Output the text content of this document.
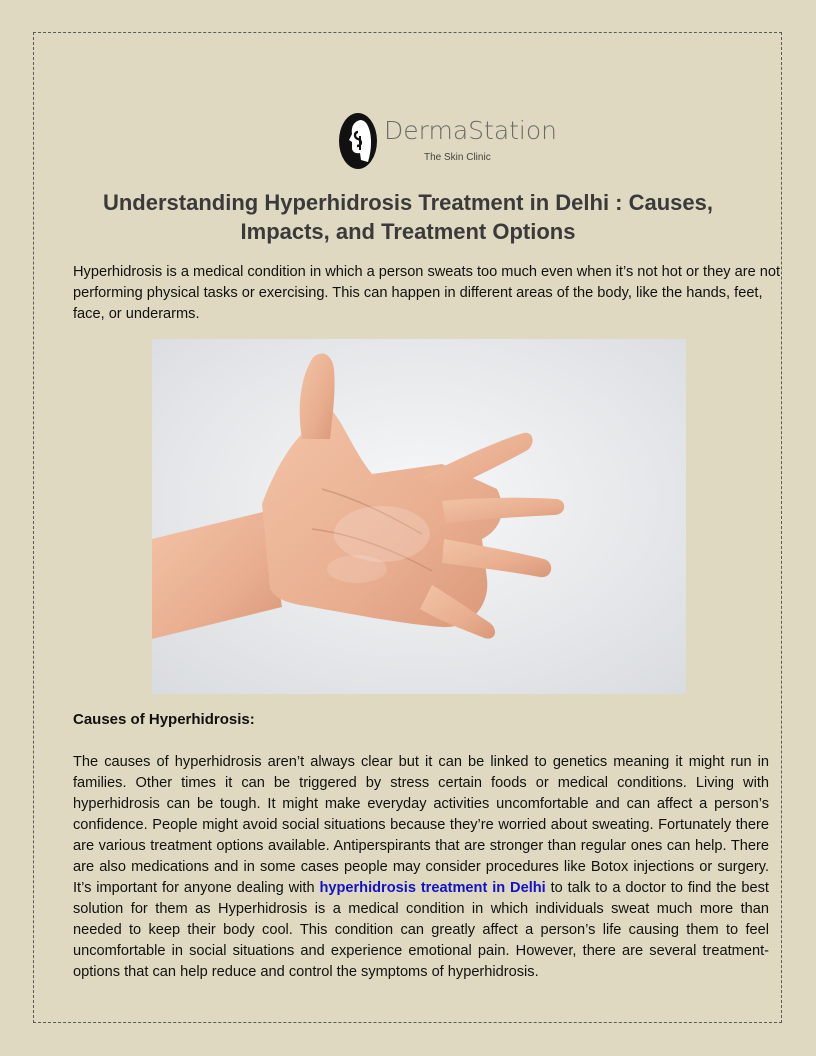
DermaStation
The Skin Clinic
Understanding Hyperhidrosis Treatment in Delhi : Causes, Impacts, and Treatment Options

Hyperhidrosis is a medical condition in which a person sweats too much even when it’s not hot or they are not performing physical tasks or exercising. This can happen in different areas of the body, like the hands, feet, face, or underarms.

Causes of Hyperhidrosis:

The causes of hyperhidrosis aren’t always clear but it can be linked to genetics meaning it might run in families. Other times it can be triggered by stress certain foods or medical conditions. Living with hyperhidrosis can be tough. It might make everyday activities uncomfortable and can affect a person’s confidence. People might avoid social situations because they’re worried about sweating. Fortunately there are various treatment options available. Antiperspirants that are stronger than regular ones can help. There are also medications and in some cases people may consider procedures like Botox injections or surgery. It’s important for anyone dealing with hyperhidrosis treatment in Delhi to talk to a doctor to find the best solution for them as Hyperhidrosis is a medical condition in which individuals sweat much more than needed to keep their body cool. This condition can greatly affect a person’s life causing them to feel uncomfortable in social situations and experience emotional pain. However, there are several treatment-options that can help reduce and control the symptoms of hyperhidrosis.
